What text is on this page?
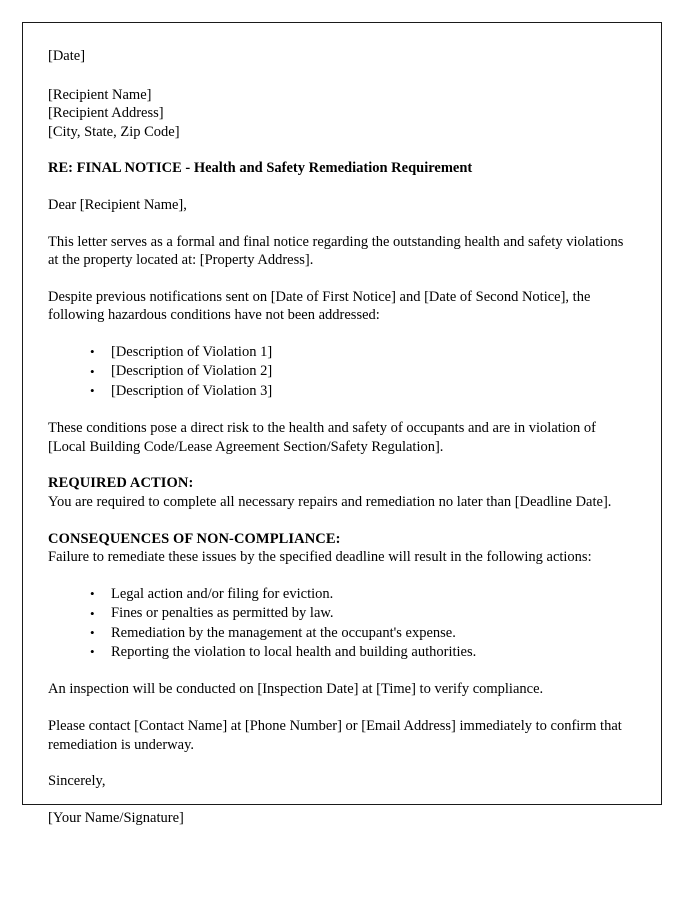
[Date]

[Recipient Name]

[Recipient Address]

[City, State, Zip Code]

RE: FINAL NOTICE - Health and Safety Remediation Requirement

Dear [Recipient Name],

This letter serves as a formal and final notice regarding the outstanding health and safety violations at the property located at: [Property Address].

Despite previous notifications sent on [Date of First Notice] and [Date of Second Notice], the following hazardous conditions have not been addressed:

• [Description of Violation 1]
• [Description of Violation 2]
• [Description of Violation 3]

These conditions pose a direct risk to the health and safety of occupants and are in violation of [Local Building Code/Lease Agreement Section/Safety Regulation].

REQUIRED ACTION:

You are required to complete all necessary repairs and remediation no later than [Deadline Date].

CONSEQUENCES OF NON-COMPLIANCE:

Failure to remediate these issues by the specified deadline will result in the following actions:

• Legal action and/or filing for eviction.
• Fines or penalties as permitted by law.
• Remediation by the management at the occupant's expense.
• Reporting the violation to local health and building authorities.

An inspection will be conducted on [Inspection Date] at [Time] to verify compliance.

Please contact [Contact Name] at [Phone Number] or [Email Address] immediately to confirm that remediation is underway.

Sincerely,

[Your Name/Signature]
